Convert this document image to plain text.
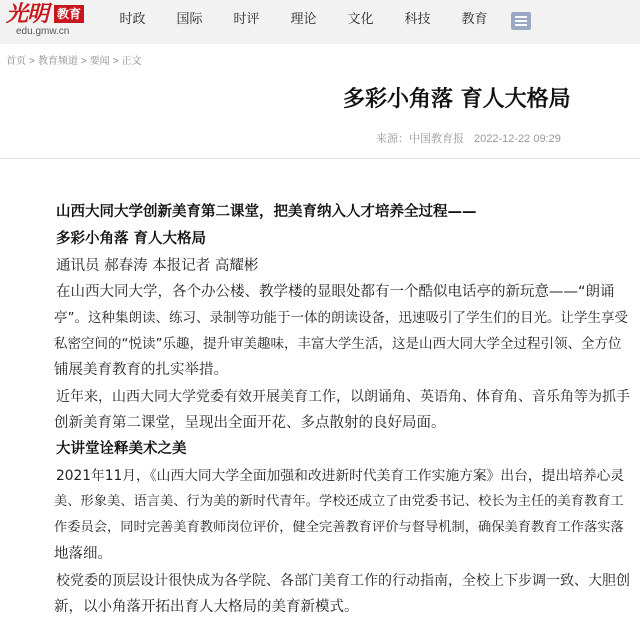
光明 教育
edu.gmw.cn
时政	国际	时评	理论	文化	科技	教育
首页 > 教育频道 > 要闻 > 正文
多彩小角落 育人大格局
来源：中国教育报 2022-12-22 09:29
山西大同大学创新美育第二课堂，把美育纳入人才培养全过程——
多彩小角落 育人大格局
通讯员 郝春涛 本报记者 高耀彬
在山西大同大学，各个办公楼、教学楼的显眼处都有一个酷似电话亭的新玩意——“朗诵
亭”。这种集朗读、练习、录制等功能于一体的朗读设备，迅速吸引了学生们的目光。让学生享受
私密空间的“悦读”乐趣，提升审美趣味，丰富大学生活，这是山西大同大学全过程引领、全方位
铺展美育教育的扎实举措。
近年来，山西大同大学党委有效开展美育工作，以朗诵角、英语角、体育角、音乐角等为抓手
创新美育第二课堂，呈现出全面开花、多点散射的良好局面。
大讲堂诠释美术之美
2021年11月，《山西大同大学全面加强和改进新时代美育工作实施方案》出台，提出培养心灵
美、形象美、语言美、行为美的新时代青年。学校还成立了由党委书记、校长为主任的美育教育工
作委员会，同时完善美育教师岗位评价，健全完善教育评价与督导机制，确保美育教育工作落实落
地落细。
校党委的顶层设计很快成为各学院、各部门美育工作的行动指南，全校上下步调一致、大胆创
新，以小角落开拓出育人大格局的美育新模式。
